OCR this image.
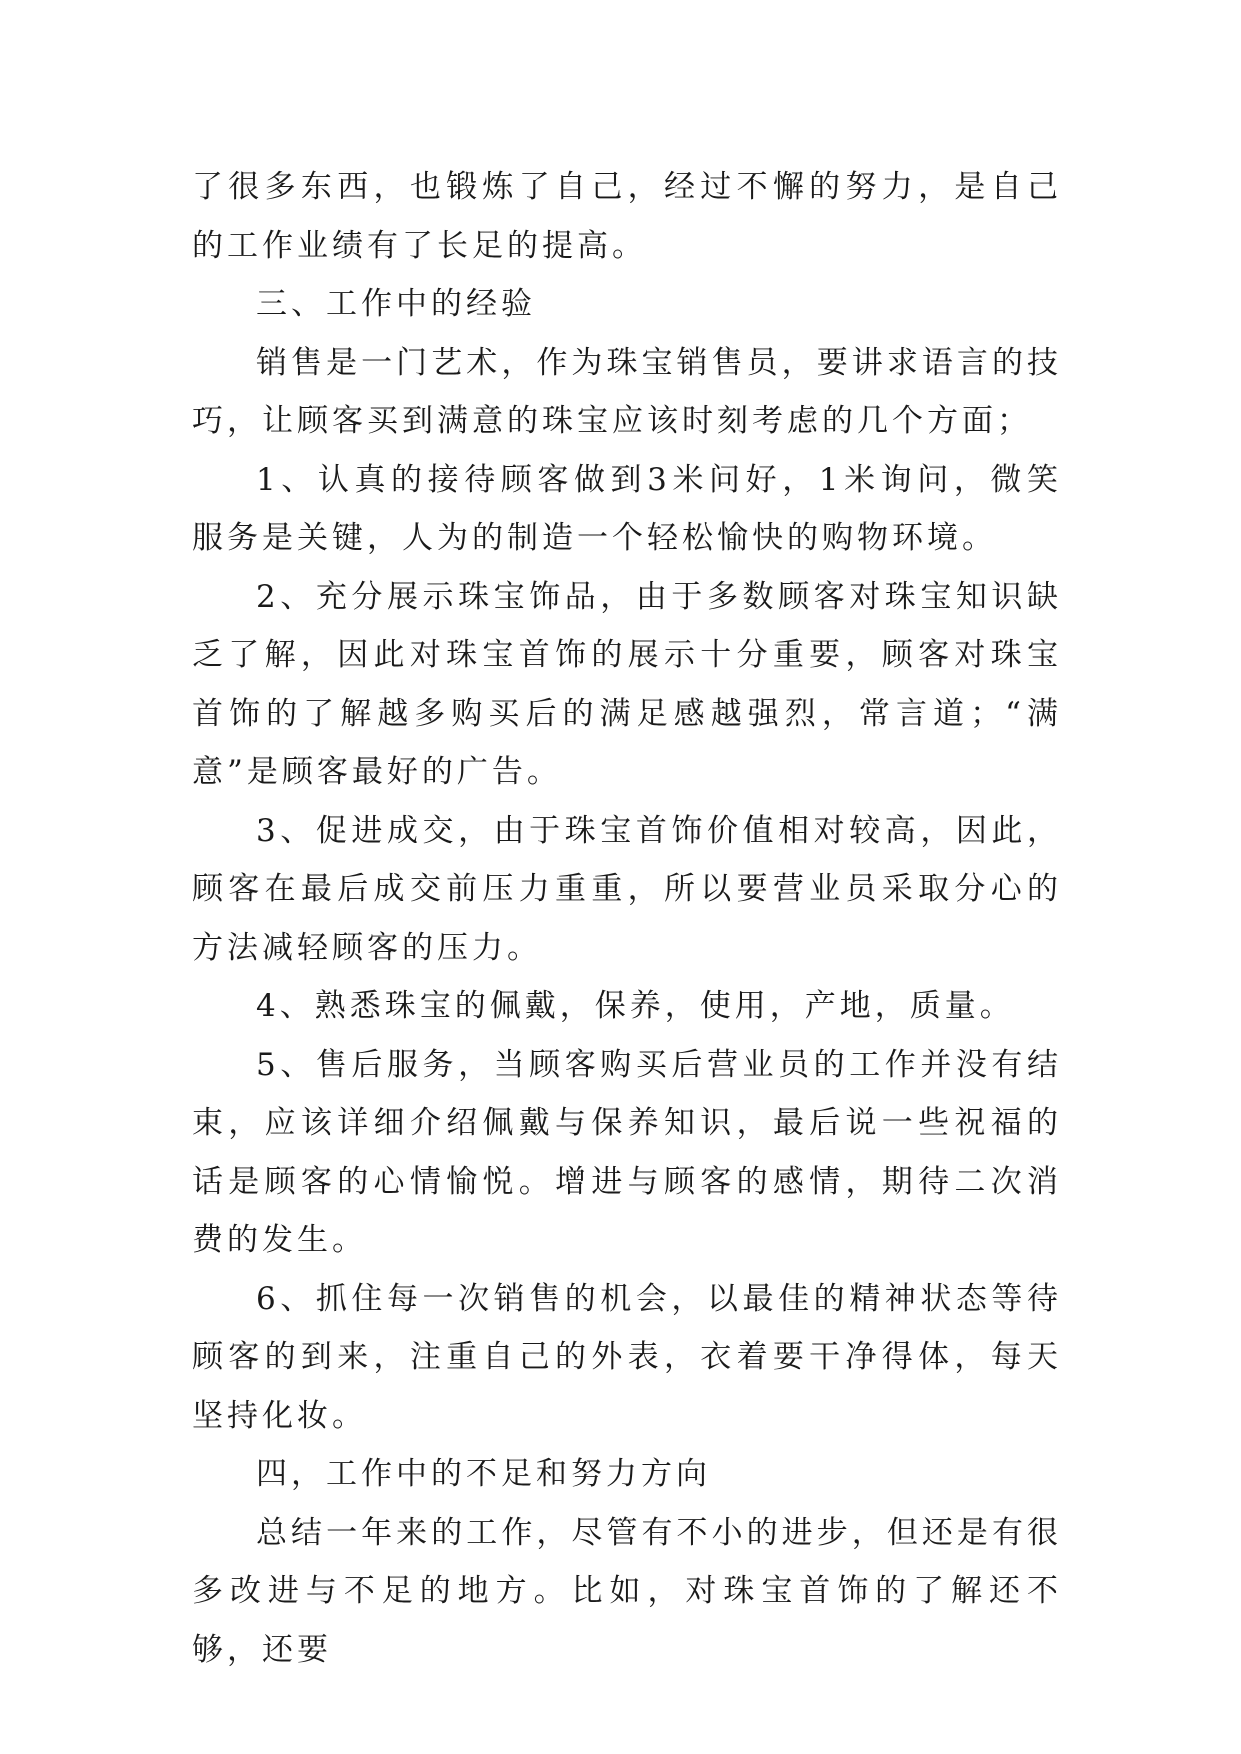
了很多东西，也锻炼了自己，经过不懈的努力，是自己的工作业绩有了长足的提高。

三、工作中的经验

销售是一门艺术，作为珠宝销售员，要讲求语言的技巧，让顾客买到满意的珠宝应该时刻考虑的几个方面；

1、认真的接待顾客做到3米问好，1米询问，微笑服务是关键，人为的制造一个轻松愉快的购物环境。

2、充分展示珠宝饰品，由于多数顾客对珠宝知识缺乏了解，因此对珠宝首饰的展示十分重要，顾客对珠宝首饰的了解越多购买后的满足感越强烈，常言道；“满意”是顾客最好的广告。

3、促进成交，由于珠宝首饰价值相对较高，因此，顾客在最后成交前压力重重，所以要营业员采取分心的方法减轻顾客的压力。

4、熟悉珠宝的佩戴，保养，使用，产地，质量。

5、售后服务，当顾客购买后营业员的工作并没有结束，应该详细介绍佩戴与保养知识，最后说一些祝福的话是顾客的心情愉悦。增进与顾客的感情，期待二次消费的发生。

6、抓住每一次销售的机会，以最佳的精神状态等待顾客的到来，注重自己的外表，衣着要干净得体，每天坚持化妆。

四，工作中的不足和努力方向

总结一年来的工作，尽管有不小的进步，但还是有很多改进与不足的地方。比如，对珠宝首饰的了解还不够，还要
